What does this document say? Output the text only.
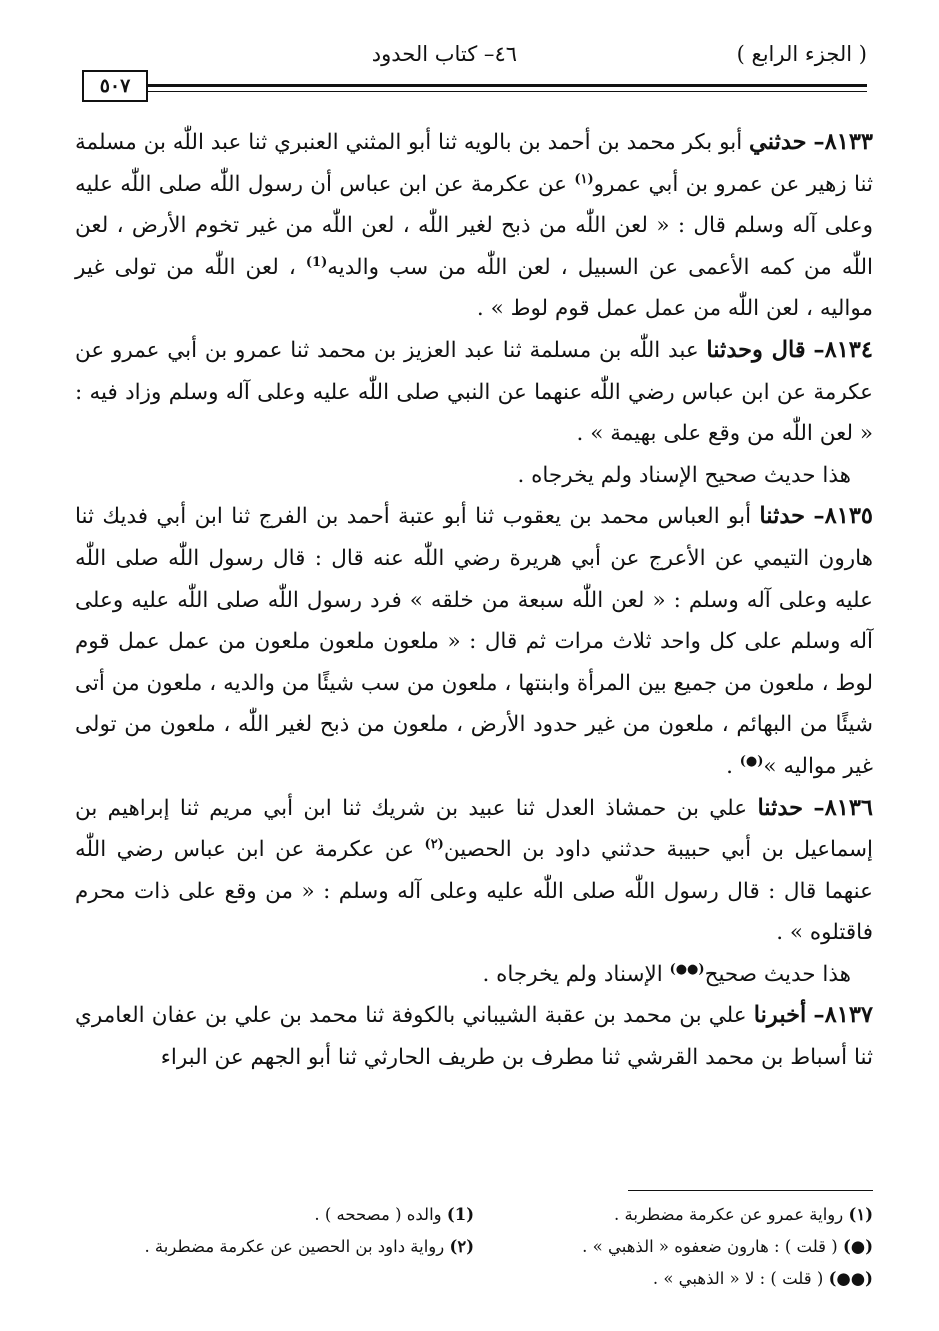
( الجزء الرابع )
٤٦– كتاب الحدود
٥٠٧

٨١٣٣– حدثني أبو بكر محمد بن أحمد بن بالويه ثنا أبو المثني العنبري ثنا عبد اللّٰه بن مسلمة ثنا زهير عن عمرو بن أبي عمرو$^{(١)}$ عن عكرمة عن ابن عباس أن رسول اللّٰه صلى اللّٰه عليه وعلى آله وسلم قال : « لعن اللّٰه من ذبح لغير اللّٰه ، لعن اللّٰه من غير تخوم الأرض ، لعن اللّٰه من كمه الأعمى عن السبيل ، لعن اللّٰه من سب والديه$^{(1)}$ ، لعن اللّٰه من تولى غير مواليه ، لعن اللّٰه من عمل عمل قوم لوط » .

٨١٣٤– قال وحدثنا عبد اللّٰه بن مسلمة ثنا عبد العزيز بن محمد ثنا عمرو بن أبي عمرو عن عكرمة عن ابن عباس رضي اللّٰه عنهما عن النبي صلى اللّٰه عليه وعلى آله وسلم وزاد فيه : « لعن اللّٰه من وقع على بهيمة » .

هذا حديث صحيح الإسناد ولم يخرجاه .

٨١٣٥– حدثنا أبو العباس محمد بن يعقوب ثنا أبو عتبة أحمد بن الفرج ثنا ابن أبي فديك ثنا هارون التيمي عن الأعرج عن أبي هريرة رضي اللّٰه عنه قال : قال رسول اللّٰه صلى اللّٰه عليه وعلى آله وسلم : « لعن اللّٰه سبعة من خلقه » فرد رسول اللّٰه صلى اللّٰه عليه وعلى آله وسلم على كل واحد ثلاث مرات ثم قال : « ملعون ملعون ملعون من عمل عمل قوم لوط ، ملعون من جميع بين المرأة وابنتها ، ملعون من سب شيئًا من والديه ، ملعون من أتى شيئًا من البهائم ، ملعون من غير حدود الأرض ، ملعون من ذبح لغير اللّٰه ، ملعون من تولى غير مواليه »(●) .

٨١٣٦– حدثنا علي بن حمشاذ العدل ثنا عبيد بن شريك ثنا ابن أبي مريم ثنا إبراهيم بن إسماعيل بن أبي حبيبة حدثني داود بن الحصين$^{(٢)}$ عن عكرمة عن ابن عباس رضي اللّٰه عنهما قال : قال رسول اللّٰه صلى اللّٰه عليه وعلى آله وسلم : « من وقع على ذات محرم فاقتلوه » .

هذا حديث صحيح(●●) الإسناد ولم يخرجاه .

٨١٣٧– أخبرنا علي بن محمد بن عقبة الشيباني بالكوفة ثنا محمد بن علي بن عفان العامري ثنا أسباط بن محمد القرشي ثنا مطرف بن طريف الحارثي ثنا أبو الجهم عن البراء

(١) رواية عمرو عن عكرمة مضطربة .
(1) والده ( مصححه ) .
(●) ( قلت ) : هارون ضعفوه « الذهبي » .
(٢) رواية داود بن الحصين عن عكرمة مضطربة .
(●●) ( قلت ) : لا « الذهبي » .
